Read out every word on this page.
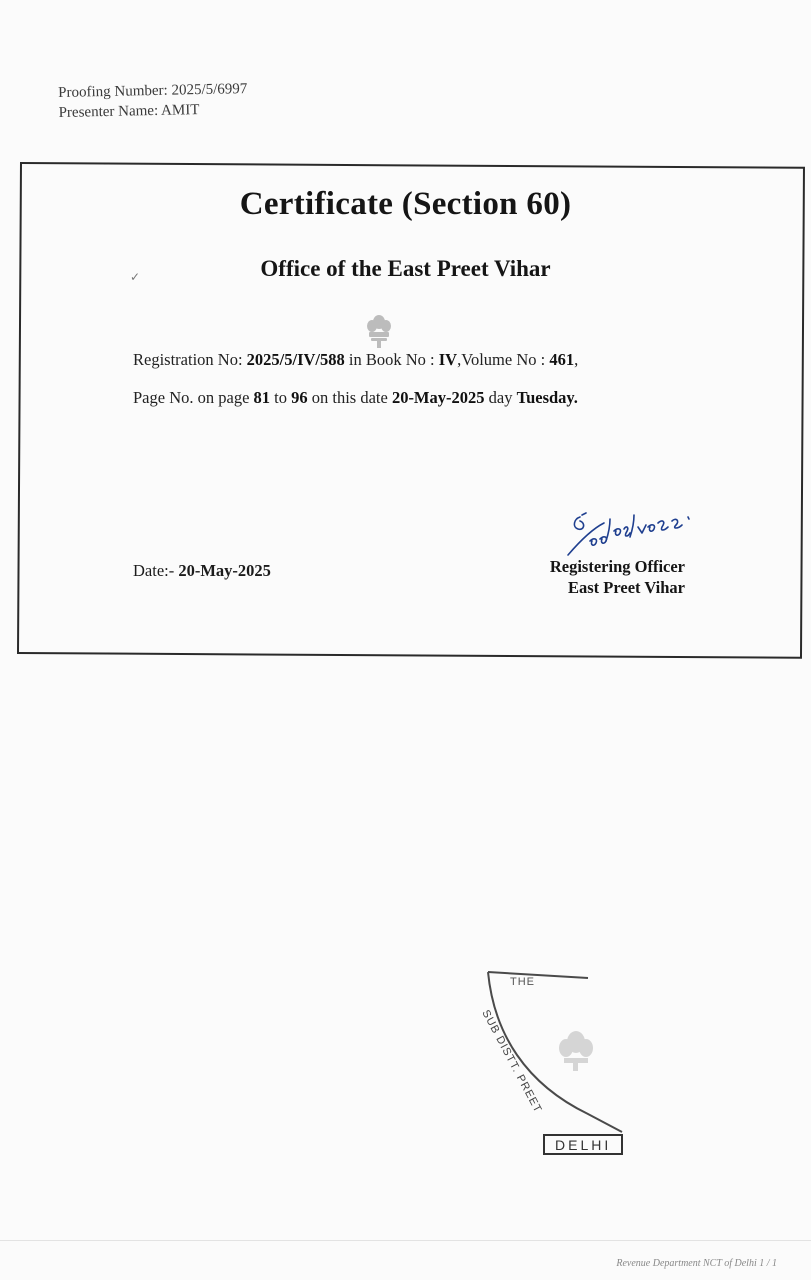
Proofing Number: 2025/5/6997
Presenter Name: AMIT
Certificate (Section 60)
✓	Office of the East Preet Vihar
Registration No: 2025/5/IV/588 in Book No : IV,Volume No : 461,
Page No. on page 81 to 96 on this date 20-May-2025 day Tuesday.
Date:- 20-May-2025	Registering Officer
East Preet Vihar
THE
SUB DISTT. PREET
DELHI
Revenue Department NCT of Delhi 1 / 1
